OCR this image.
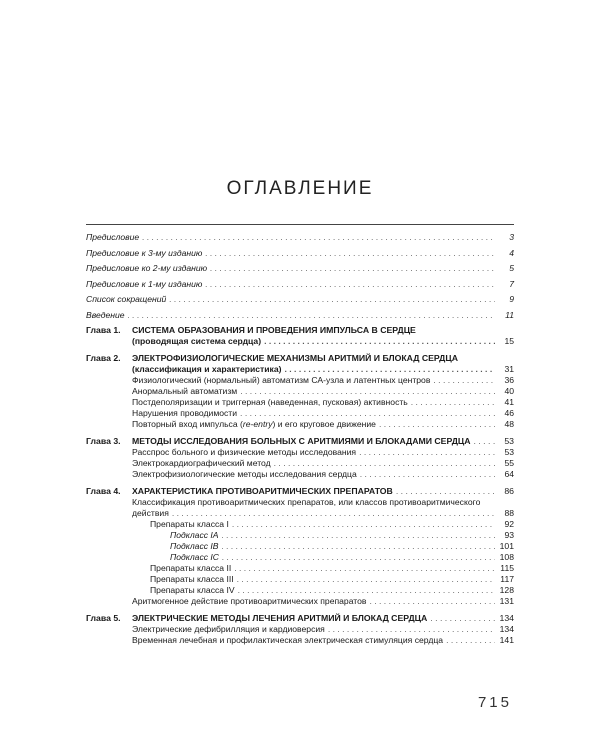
ОГЛАВЛЕНИЕ
Предисловие . . .	3
Предисловие к 3-му изданию . . .	4
Предисловие ко 2-му изданию . . .	5
Предисловие к 1-му изданию . . .	7
Список сокращений . . .	9
Введение . . .	11
Глава 1. СИСТЕМА ОБРАЗОВАНИЯ И ПРОВЕДЕНИЯ ИМПУЛЬСА В СЕРДЦЕ
(проводящая система сердца) . . .	15
Глава 2. ЭЛЕКТРОФИЗИОЛОГИЧЕСКИЕ МЕХАНИЗМЫ АРИТМИЙ И БЛОКАД СЕРДЦА
(классификация и характеристика) . . .	31
Физиологический (нормальный) автоматизм СА-узла и латентных центров . . .	36
Анормальный автоматизм . . .	40
Постдеполяризации и триггерная (наведенная, пусковая) активность . . .	41
Нарушения проводимости . . .	46
Повторный вход импульса (re-entry) и его круговое движение . . .	48
Глава 3. МЕТОДЫ ИССЛЕДОВАНИЯ БОЛЬНЫХ С АРИТМИЯМИ И БЛОКАДАМИ СЕРДЦА . . .	53
Расспрос больного и физические методы исследования . . .	53
Электрокардиографический метод . . .	55
Электрофизиологические методы исследования сердца . . .	64
Глава 4. ХАРАКТЕРИСТИКА ПРОТИВОАРИТМИЧЕСКИХ ПРЕПАРАТОВ . . .	86
Классификация противоаритмических препаратов, или классов противоаритмического
действия . . .	88
Препараты класса I . . .	92
Подкласс IA . . .	93
Подкласс IB . . .	101
Подкласс IC . . .	108
Препараты класса II . . .	115
Препараты класса III . . .	117
Препараты класса IV . . .	128
Аритмогенное действие противоаритмических препаратов . . .	131
Глава 5. ЭЛЕКТРИЧЕСКИЕ МЕТОДЫ ЛЕЧЕНИЯ АРИТМИЙ И БЛОКАД СЕРДЦА . . .	134
Электрические дефибрилляция и кардиоверсия . . .	134
Временная лечебная и профилактическая электрическая стимуляция сердца . . .	141
715
